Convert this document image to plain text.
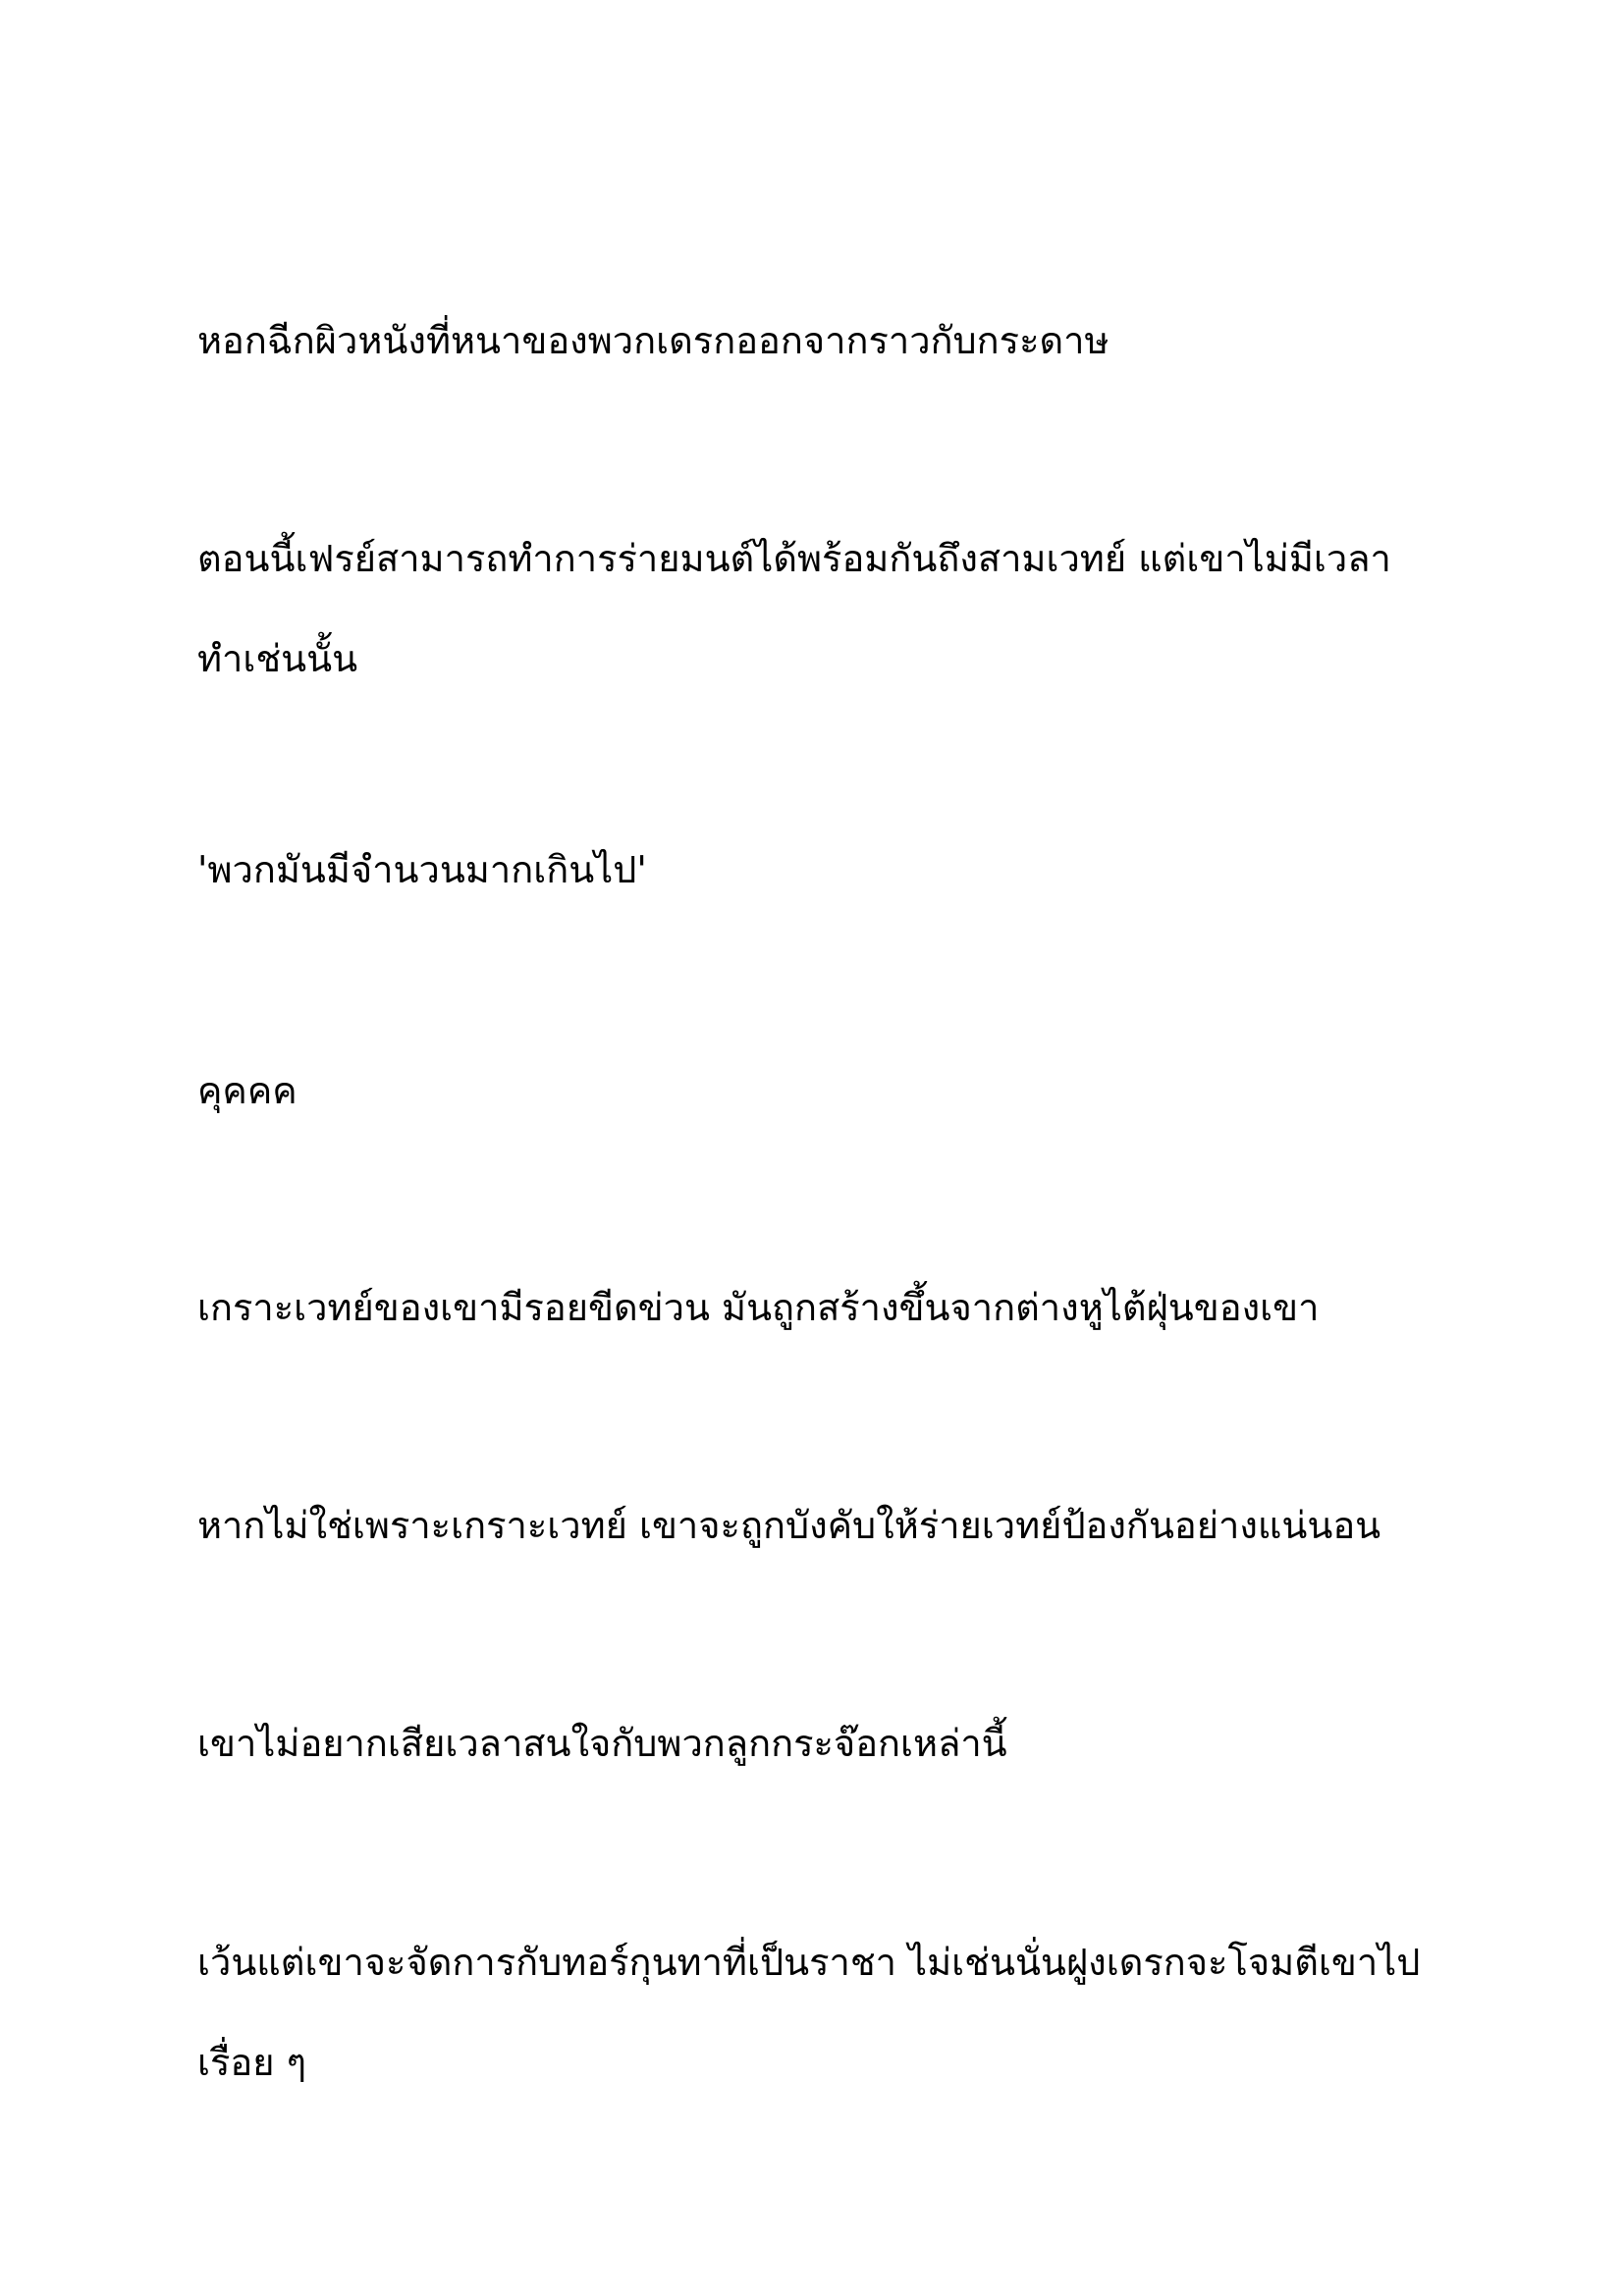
หอกฉีกผิวหนังที่หนาของพวกเดรกออกจากราวกับกระดาษ

ตอนนี้เฟรย์สามารถทำการร่ายมนต์ได้พร้อมกันถึงสามเวทย์ แต่เขาไม่มีเวลาทำเช่นนั้น

'พวกมันมีจำนวนมากเกินไป'

คุคคค

เกราะเวทย์ของเขามีรอยขีดข่วน มันถูกสร้างขึ้นจากต่างหูไต้ฝุ่นของเขา

หากไม่ใช่เพราะเกราะเวทย์ เขาจะถูกบังคับให้ร่ายเวทย์ป้องกันอย่างแน่นอน

เขาไม่อยากเสียเวลาสนใจกับพวกลูกกระจ๊อกเหล่านี้

เว้นแต่เขาจะจัดการกับทอร์กุนทาที่เป็นราชา ไม่เช่นนั่นฝูงเดรกจะโจมตีเขาไปเรื่อย ๆ
